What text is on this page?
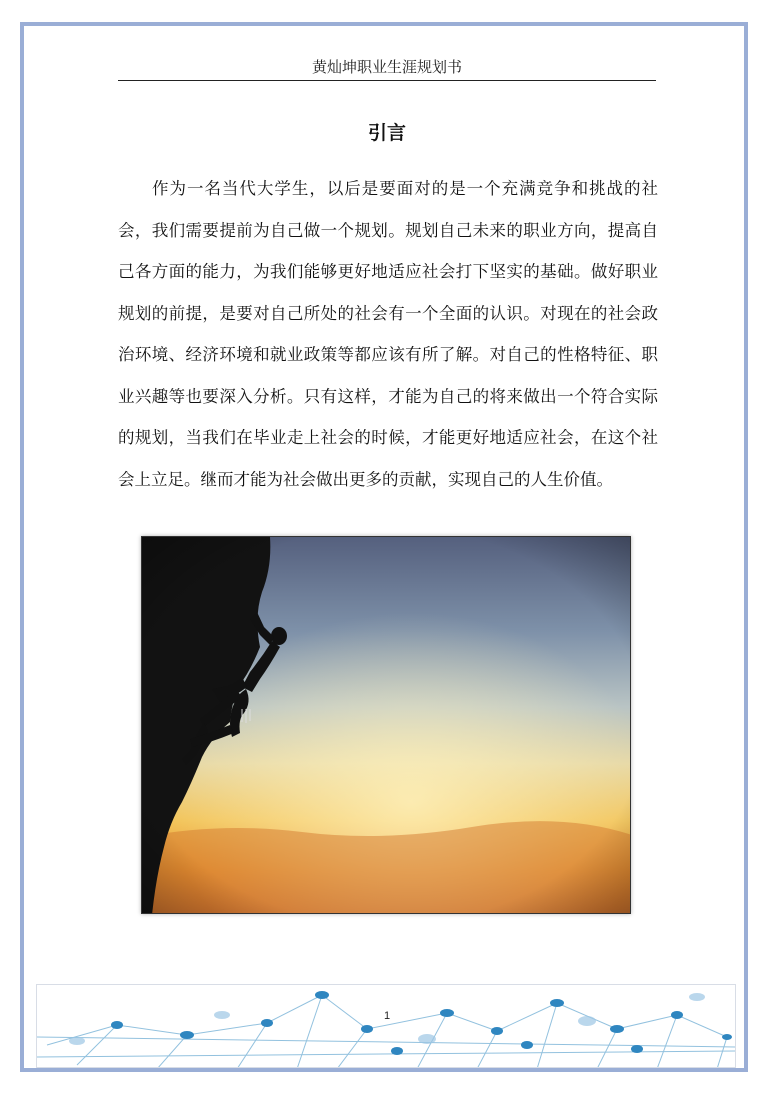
黄灿坤职业生涯规划书
引言

作为一名当代大学生，以后是要面对的是一个充满竞争和挑战的社会，我们需要提前为自己做一个规划。规划自己未来的职业方向，提高自己各方面的能力，为我们能够更好地适应社会打下坚实的基础。做好职业规划的前提，是要对自己所处的社会有一个全面的认识。对现在的社会政治环境、经济环境和就业政策等都应该有所了解。对自己的性格特征、职业兴趣等也要深入分析。只有这样，才能为自己的将来做出一个符合实际的规划，当我们在毕业走上社会的时候，才能更好地适应社会，在这个社会上立足。继而才能为社会做出更多的贡献，实现自己的人生价值。

1
